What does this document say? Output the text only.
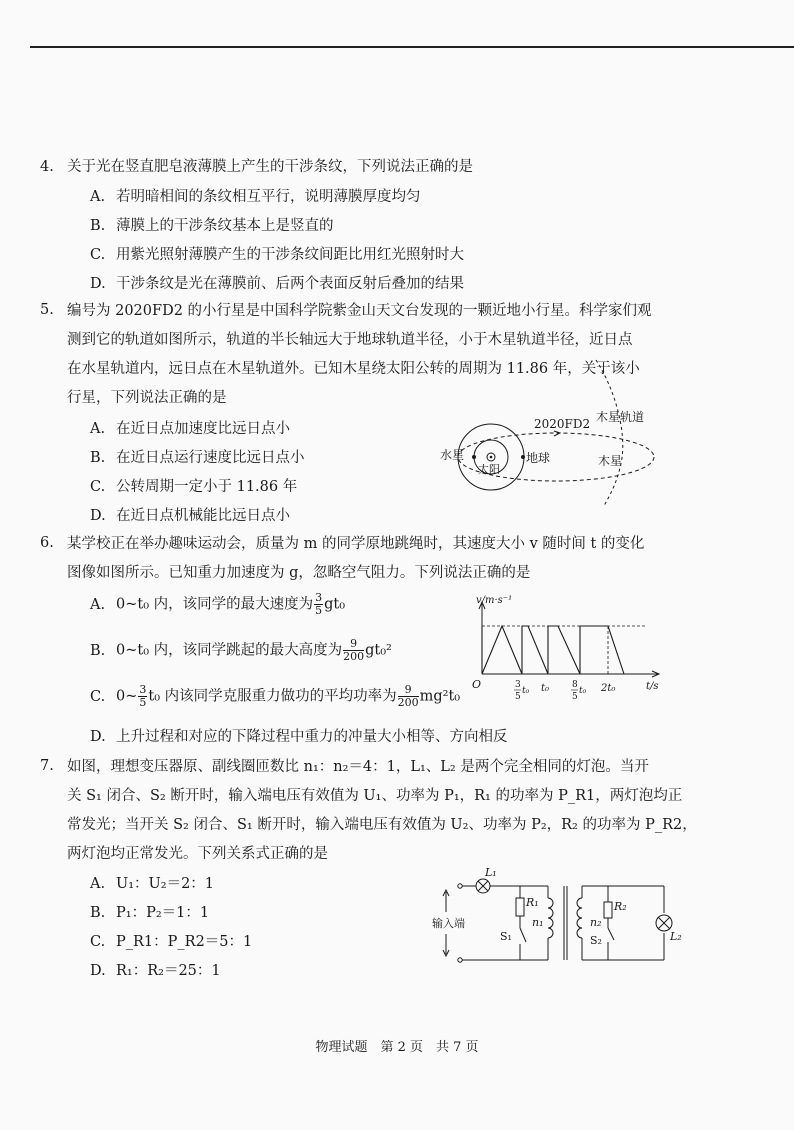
4. 关于光在竖直肥皂液薄膜上产生的干涉条纹，下列说法正确的是
A. 若明暗相间的条纹相互平行，说明薄膜厚度均匀
B. 薄膜上的干涉条纹基本上是竖直的
C. 用紫光照射薄膜产生的干涉条纹间距比用红光照射时大
D. 干涉条纹是光在薄膜前、后两个表面反射后叠加的结果
5. 编号为 2020FD2 的小行星是中国科学院紫金山天文台发现的一颗近地小行星。科学家们观
测到它的轨道如图所示，轨道的半长轴远大于地球轨道半径，小于木星轨道半径，近日点
在水星轨道内，远日点在木星轨道外。已知木星绕太阳公转的周期为 11.86 年，关于该小
行星，下列说法正确的是
A. 在近日点加速度比远日点小
B. 在近日点运行速度比远日点小
C. 公转周期一定小于 11.86 年
D. 在近日点机械能比远日点小
2020FD2 木星轨道
水星
太阳
地球	木星
6. 某学校正在举办趣味运动会，质量为 m 的同学原地跳绳时，其速度大小 v 随时间 t 的变化
图像如图所示。已知重力加速度为 g，忽略空气阻力。下列说法正确的是
A. 0~t₀ 内，该同学的最大速度为 $\frac{3}{5} gt_0$
B. 0~t₀ 内，该同学跳起的最大高度为 $\frac{9}{200} gt_0^2$
C. 0~ $\frac{3}{5} t_0$ 内该同学克服重力做功的平均功率为 $\frac{9}{200} mg^2t_0$
D. 上升过程和对应的下降过程中重力的冲量大小相等、方向相反
v/m·s⁻¹
t/s
O	3
5
t₀ t₀	8
5
t₀ 2t₀
7. 如图，理想变压器原、副线圈匝数比 n₁：n₂＝4：1，L₁、L₂ 是两个完全相同的灯泡。当开
关 S₁ 闭合、S₂ 断开时，输入端电压有效值为 U₁、功率为 P₁，R₁ 的功率为 P_R1，两灯泡均正
常发光；当开关 S₂ 闭合、S₁ 断开时，输入端电压有效值为 U₂、功率为 P₂，R₂ 的功率为 P_R2，
两灯泡均正常发光。下列关系式正确的是
A. U₁：U₂＝2：1
B. P₁：P₂＝1：1
C. P_R1：P_R2＝5：1
D. R₁：R₂＝25：1
输入端
L₁
L₂
R₁	R₂
n₁	n₂
S₁	S₂
物理试题　第 2 页　共 7 页
